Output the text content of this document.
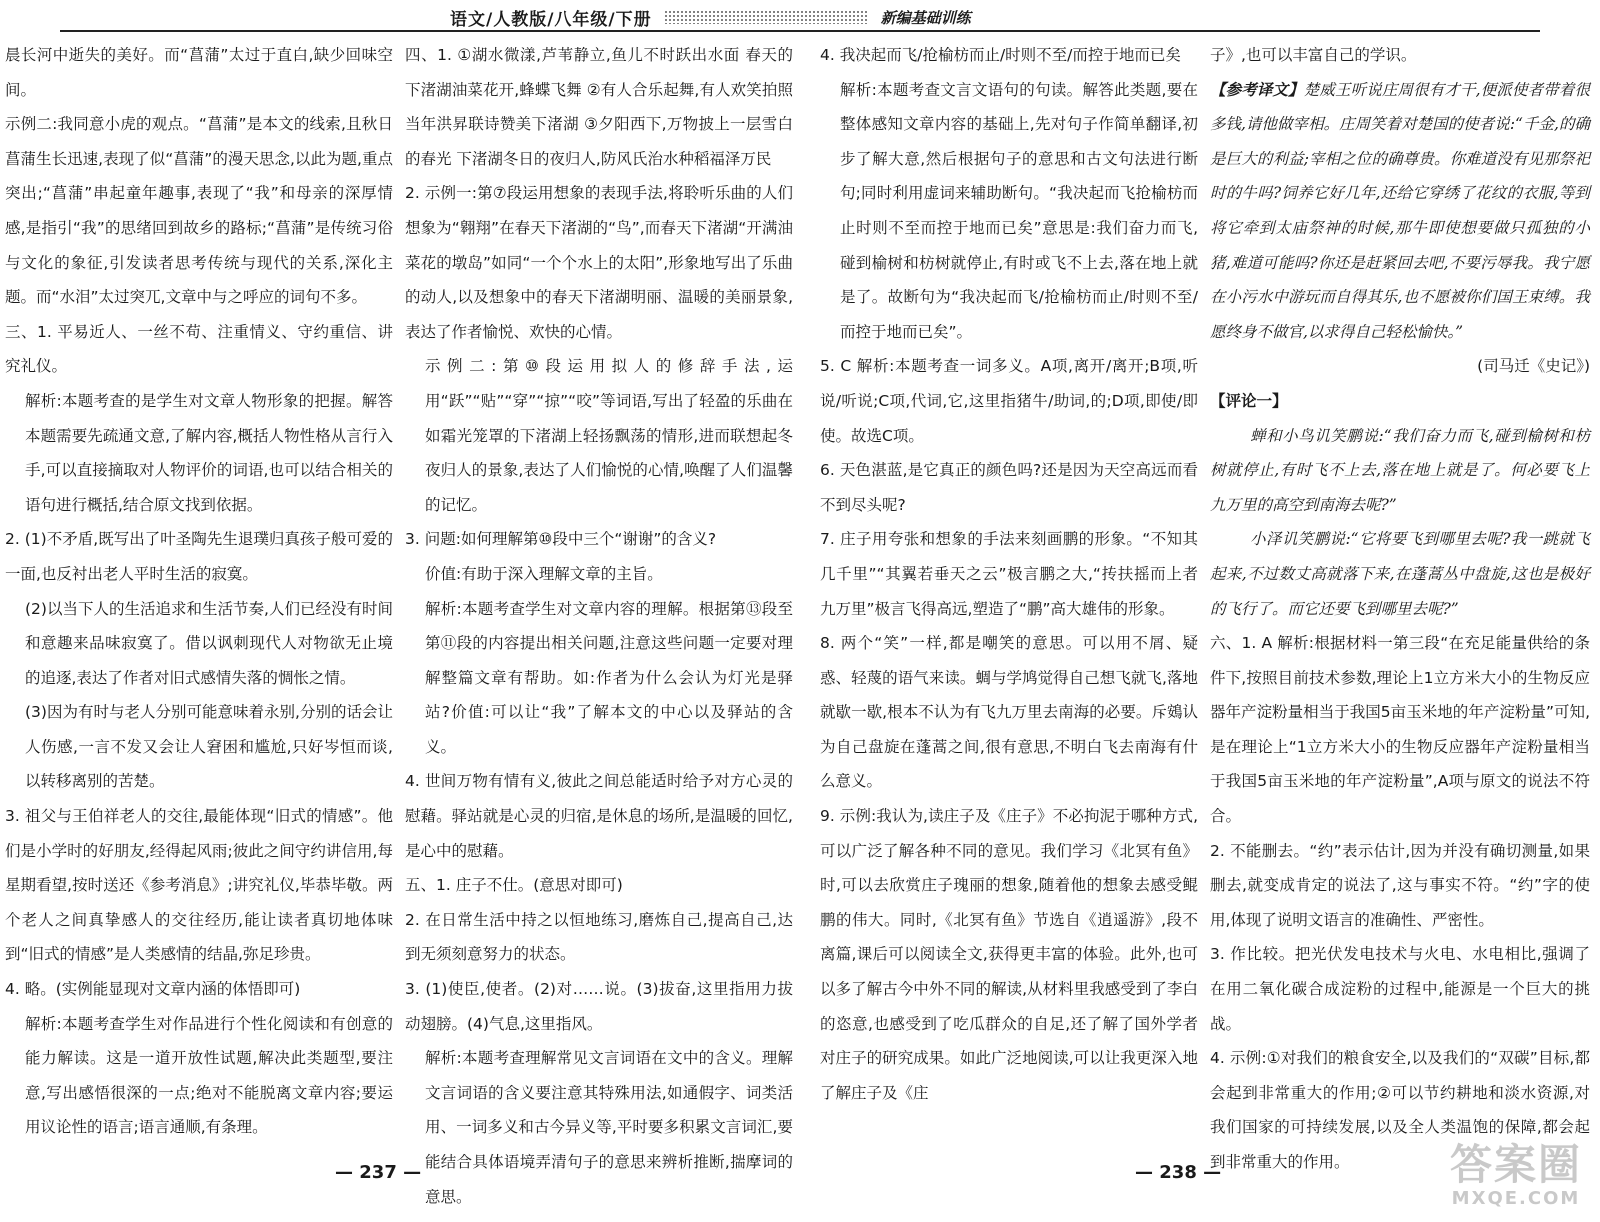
语文/人教版/八年级/下册	新编基础训练

晨长河中逝失的美好。而“菖蒲”太过于直白,缺少回味空间。

示例二:我同意小虎的观点。“菖蒲”是本文的线索,且秋日菖蒲生长迅速,表现了似“菖蒲”的漫天思念,以此为题,重点突出;“菖蒲”串起童年趣事,表现了“我”和母亲的深厚情感,是指引“我”的思绪回到故乡的路标;“菖蒲”是传统习俗与文化的象征,引发读者思考传统与现代的关系,深化主题。而“水泪”太过突兀,文章中与之呼应的词句不多。

三、1. 平易近人、一丝不苟、注重情义、守约重信、讲究礼仪。

解析:本题考查的是学生对文章人物形象的把握。解答本题需要先疏通文意,了解内容,概括人物性格从言行入手,可以直接摘取对人物评价的词语,也可以结合相关的语句进行概括,结合原文找到依据。

2. (1)不矛盾,既写出了叶圣陶先生退璞归真孩子般可爱的一面,也反衬出老人平时生活的寂寞。

(2)以当下人的生活追求和生活节奏,人们已经没有时间和意趣来品味寂寞了。借以讽刺现代人对物欲无止境的追逐,表达了作者对旧式感情失落的惆怅之情。

(3)因为有时与老人分别可能意味着永别,分别的话会让人伤感,一言不发又会让人窘困和尴尬,只好岑恒而谈,以转移离别的苦楚。

3. 祖父与王伯祥老人的交往,最能体现“旧式的情感”。他们是小学时的好朋友,经得起风雨;彼此之间守约讲信用,每星期看望,按时送还《参考消息》;讲究礼仪,毕恭毕敬。两个老人之间真挚感人的交往经历,能让读者真切地体味到“旧式的情感”是人类感情的结晶,弥足珍贵。

4. 略。(实例能显现对文章内涵的体悟即可)

解析:本题考查学生对作品进行个性化阅读和有创意的能力解读。这是一道开放性试题,解决此类题型,要注意,写出感悟很深的一点;绝对不能脱离文章内容;要运用议论性的语言;语言通顺,有条理。

四、1. ①湖水微漾,芦苇静立,鱼儿不时跃出水面 春天的下渚湖油菜花开,蜂蝶飞舞 ②有人合乐起舞,有人欢笑拍照 当年洪昇联诗赞美下渚湖 ③夕阳西下,万物披上一层雪白的春光 下渚湖冬日的夜归人,防风氏治水种稻福泽万民

2. 示例一:第⑦段运用想象的表现手法,将聆听乐曲的人们想象为“翱翔”在春天下渚湖的“鸟”,而春天下渚湖“开满油菜花的墩岛”如同“一个个水上的太阳”,形象地写出了乐曲的动人,以及想象中的春天下渚湖明丽、温暖的美丽景象,表达了作者愉悦、欢快的心情。

示例二:第⑩段运用拟人的修辞手法,运用“跃”“贴”“穿”“掠”“咬”等词语,写出了轻盈的乐曲在如霜光笼罩的下渚湖上轻扬飘荡的情形,进而联想起冬夜归人的景象,表达了人们愉悦的心情,唤醒了人们温馨的记忆。

3. 问题:如何理解第⑩段中三个“谢谢”的含义?

价值:有助于深入理解文章的主旨。

解析:本题考查学生对文章内容的理解。根据第⑬段至第⑪段的内容提出相关问题,注意这些问题一定要对理解整篇文章有帮助。如:作者为什么会认为灯光是驿站?价值:可以让“我”了解本文的中心以及驿站的含义。

4. 世间万物有情有义,彼此之间总能适时给予对方心灵的慰藉。驿站就是心灵的归宿,是休息的场所,是温暖的回忆,是心中的慰藉。

五、1. 庄子不仕。(意思对即可)

2. 在日常生活中持之以恒地练习,磨炼自己,提高自己,达到无须刻意努力的状态。

3. (1)使臣,使者。(2)对……说。(3)拔奋,这里指用力拔动翅膀。(4)气息,这里指风。

解析:本题考查理解常见文言词语在文中的含义。理解文言词语的含义要注意其特殊用法,如通假字、词类活用、一词多义和古今异义等,平时要多积累文言词汇,要能结合具体语境弄清句子的意思来辨析推断,揣摩词的意思。

4. 我决起而飞/抢榆枋而止/时则不至/而控于地而已矣

解析:本题考查文言文语句的句读。解答此类题,要在整体感知文章内容的基础上,先对句子作简单翻译,初步了解大意,然后根据句子的意思和古文句法进行断句;同时利用虚词来辅助断句。“我决起而飞抢榆枋而止时则不至而控于地而已矣”意思是:我们奋力而飞,碰到榆树和枋树就停止,有时或飞不上去,落在地上就是了。故断句为“我决起而飞/抢榆枋而止/时则不至/而控于地而已矣”。

5. C 解析:本题考查一词多义。A项,离开/离开;B项,听说/听说;C项,代词,它,这里指猪牛/助词,的;D项,即使/即使。故选C项。

6. 天色湛蓝,是它真正的颜色吗?还是因为天空高远而看不到尽头呢?

7. 庄子用夸张和想象的手法来刻画鹏的形象。“不知其几千里”“其翼若垂天之云”极言鹏之大,“抟扶摇而上者九万里”极言飞得高远,塑造了“鹏”高大雄伟的形象。

8. 两个“笑”一样,都是嘲笑的意思。可以用不屑、疑惑、轻蔑的语气来读。蜩与学鸠觉得自己想飞就飞,落地就歇一歇,根本不认为有飞九万里去南海的必要。斥鴳认为自己盘旋在蓬蒿之间,很有意思,不明白飞去南海有什么意义。

9. 示例:我认为,读庄子及《庄子》不必拘泥于哪种方式,可以广泛了解各种不同的意见。我们学习《北冥有鱼》时,可以去欣赏庄子瑰丽的想象,随着他的想象去感受鲲鹏的伟大。同时,《北冥有鱼》节选自《逍遥游》,段不离篇,课后可以阅读全文,获得更丰富的体验。此外,也可以多了解古今中外不同的解读,从材料里我感受到了李白的恣意,也感受到了吃瓜群众的自足,还了解了国外学者对庄子的研究成果。如此广泛地阅读,可以让我更深入地了解庄子及《庄

子》,也可以丰富自己的学识。

【参考译文】楚威王听说庄周很有才干,便派使者带着很多钱,请他做宰相。庄周笑着对楚国的使者说:“千金,的确是巨大的利益;宰相之位的确尊贵。你难道没有见那祭祀时的牛吗?饲养它好几年,还给它穿绣了花纹的衣服,等到将它牵到太庙祭神的时候,那牛即使想要做只孤独的小猪,难道可能吗?你还是赶紧回去吧,不要污辱我。我宁愿在小污水中游玩而自得其乐,也不愿被你们国王束缚。我愿终身不做官,以求得自己轻松愉快。”

(司马迁《史记》)

【评论一】

蝉和小鸟讥笑鹏说:“我们奋力而飞,碰到榆树和枋树就停止,有时飞不上去,落在地上就是了。何必要飞上九万里的高空到南海去呢?”

小泽讥笑鹏说:“它将要飞到哪里去呢?我一跳就飞起来,不过数丈高就落下来,在蓬蒿丛中盘旋,这也是极好的飞行了。而它还要飞到哪里去呢?”

六、1. A 解析:根据材料一第三段“在充足能量供给的条件下,按照目前技术参数,理论上1立方米大小的生物反应器年产淀粉量相当于我国5亩玉米地的年产淀粉量”可知,是在理论上“1立方米大小的生物反应器年产淀粉量相当于我国5亩玉米地的年产淀粉量”,A项与原文的说法不符合。

2. 不能删去。“约”表示估计,因为并没有确切测量,如果删去,就变成肯定的说法了,这与事实不符。“约”字的使用,体现了说明文语言的准确性、严密性。

3. 作比较。把光伏发电技术与火电、水电相比,强调了在用二氧化碳合成淀粉的过程中,能源是一个巨大的挑战。

4. 示例:①对我们的粮食安全,以及我们的“双碳”目标,都会起到非常重大的作用;②可以节约耕地和淡水资源,对我们国家的可持续发展,以及全人类温饱的保障,都会起到非常重大的作用。

— 237 —	— 238 —	答案圈
MXQE.COM
